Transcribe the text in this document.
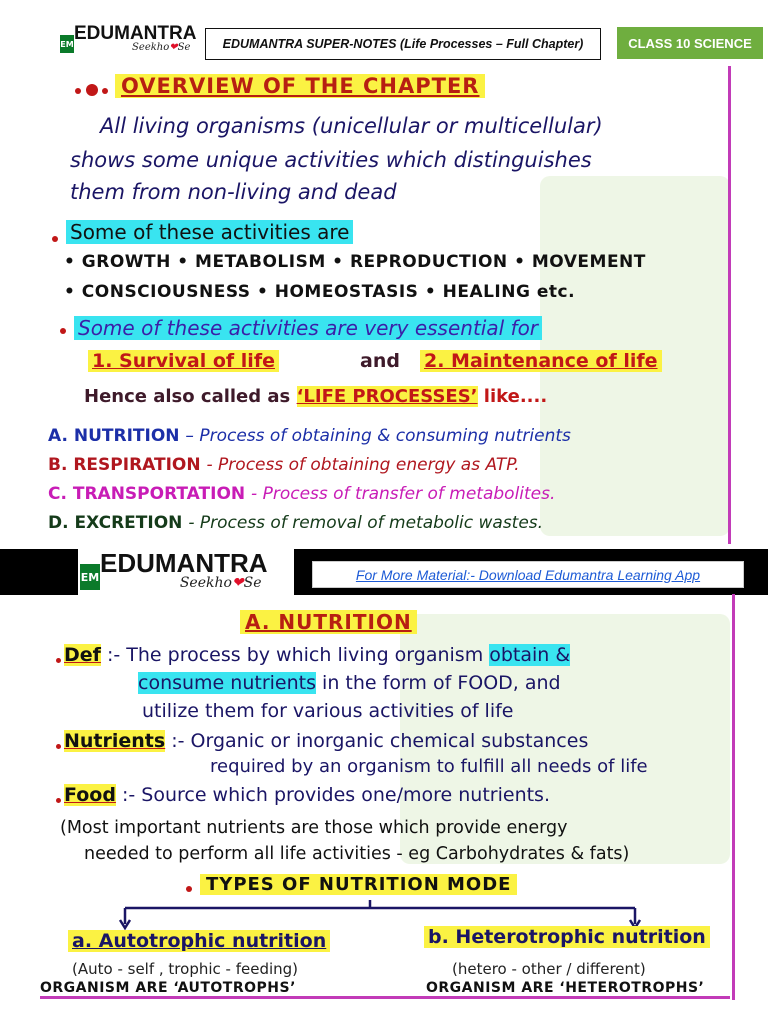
EM EDUMANTRA
Seekho❤Se	EDUMANTRA SUPER-NOTES (Life Processes – Full Chapter)	CLASS 10 SCIENCE
OVERVIEW OF THE CHAPTER
All living organisms (unicellular or multicellular)
shows some unique activities which distinguishes
them from non-living and dead
Some of these activities are
• GROWTH • METABOLISM • REPRODUCTION • MOVEMENT
• CONSCIOUSNESS • HOMEOSTASIS • HEALING etc.
Some of these activities are very essential for
1. Survival of life	and 2. Maintenance of life
Hence also called as ‘LIFE PROCESSES’ like....
A. NUTRITION – Process of obtaining & consuming nutrients
B. RESPIRATION - Process of obtaining energy as ATP.
C. TRANSPORTATION - Process of transfer of metabolites.
D. EXCRETION - Process of removal of metabolic wastes.
EM EDUMANTRA
Seekho❤Se
For More Material:- Download Edumantra Learning App
A. NUTRITION
Def :- The process by which living organism obtain &
consume nutrients in the form of FOOD, and
utilize them for various activities of life
Nutrients :- Organic or inorganic chemical substances
required by an organism to fulfill all needs of life
Food :- Source which provides one/more nutrients.
(Most important nutrients are those which provide energy
needed to perform all life activities - eg Carbohydrates & fats)
TYPES OF NUTRITION MODE
a. Autotrophic nutrition	b. Heterotrophic nutrition
(Auto - self , trophic - feeding)	(hetero - other / different)
ORGANISM ARE ‘AUTOTROPHS’	ORGANISM ARE ‘HETEROTROPHS’
